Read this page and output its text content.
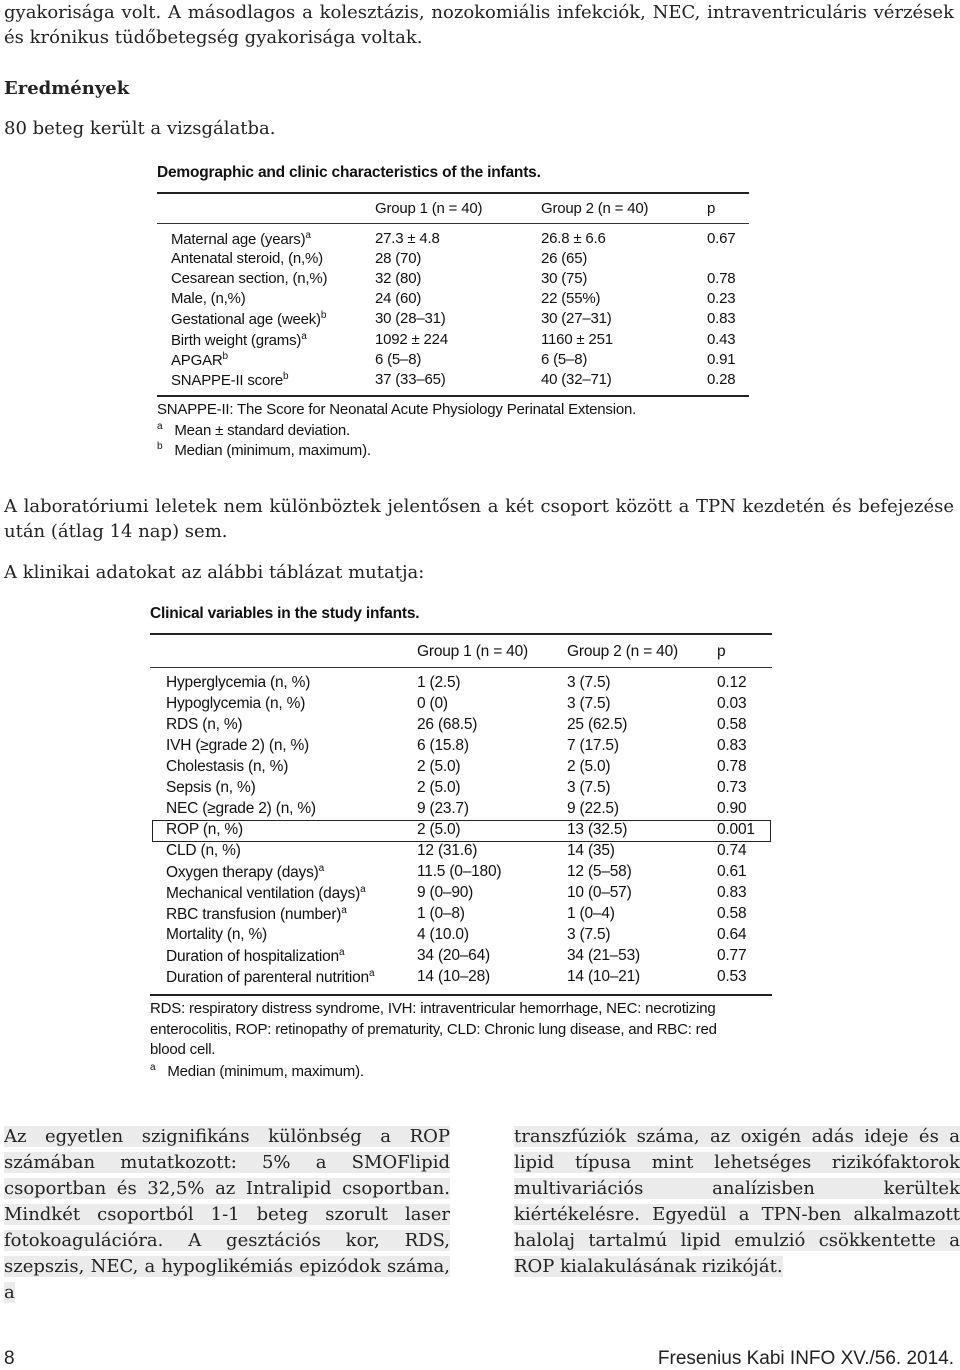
gyakorisága volt. A másodlagos a kolesztázis, nozokomiális infekciók, NEC, intraventriculáris vérzések és krónikus tüdőbetegség gyakorisága voltak.
Eredmények
80 beteg került a vizsgálatba.
Demographic and clinic characteristics of the infants.
Group 1 (n = 40)	Group 2 (n = 40)	p
Maternal age (years)$^a$	27.3 ± 4.8	26.8 ± 6.6	0.67
Antenatal steroid, (n,%)	28 (70)	26 (65)
Cesarean section, (n,%)	32 (80)	30 (75)	0.78
Male, (n,%)	24 (60)	22 (55%)	0.23
Gestational age (week)$^b$	30 (28–31)	30 (27–31)	0.83
Birth weight (grams)$^a$	1092 ± 224	1160 ± 251	0.43
APGAR$^b$	6 (5–8)	6 (5–8)	0.91
SNAPPE-II score$^b$	37 (33–65)	40 (32–71)	0.28
SNAPPE-II: The Score for Neonatal Acute Physiology Perinatal Extension.
$^a$ Mean ± standard deviation.
$^b$ Median (minimum, maximum).
A laboratóriumi leletek nem különböztek jelentősen a két csoport között a TPN kezdetén és befejezése után (átlag 14 nap) sem.
A klinikai adatokat az alábbi táblázat mutatja:
Clinical variables in the study infants.
Group 1 (n = 40)	Group 2 (n = 40)	p
Hyperglycemia (n, %)	1 (2.5)	3 (7.5)	0.12
Hypoglycemia (n, %)	0 (0)	3 (7.5)	0.03
RDS (n, %)	26 (68.5)	25 (62.5)	0.58
IVH (≥grade 2) (n, %)	6 (15.8)	7 (17.5)	0.83
Cholestasis (n, %)	2 (5.0)	2 (5.0)	0.78
Sepsis (n, %)	2 (5.0)	3 (7.5)	0.73
NEC (≥grade 2) (n, %)	9 (23.7)	9 (22.5)	0.90
ROP (n, %)	2 (5.0)	13 (32.5)	0.001
CLD (n, %)	12 (31.6)	14 (35)	0.74
Oxygen therapy (days)$^a$	11.5 (0–180)	12 (5–58)	0.61
Mechanical ventilation (days)$^a$	9 (0–90)	10 (0–57)	0.83
RBC transfusion (number)$^a$	1 (0–8)	1 (0–4)	0.58
Mortality (n, %)	4 (10.0)	3 (7.5)	0.64
Duration of hospitalization$^a$	34 (20–64)	34 (21–53)	0.77
Duration of parenteral nutrition$^a$	14 (10–28)	14 (10–21)	0.53
RDS: respiratory distress syndrome, IVH: intraventricular hemorrhage, NEC: necrotizing
enterocolitis, ROP: retinopathy of prematurity, CLD: Chronic lung disease, and RBC: red
blood cell.
$^a$ Median (minimum, maximum).

Az egyetlen szignifikáns különbség a ROP számában mutatkozott: 5% a SMOFlipid csoportban és 32,5% az Intralipid csoportban. Mindkét csoportból 1-1 beteg szorult laser fotokoagulációra. A gesztációs kor, RDS, szepszis, NEC, a hypoglikémiás epizódok száma, a

transzfúziók száma, az oxigén adás ideje és a lipid típusa mint lehetséges rizikófaktorok multivariációs analízisben kerültek kiértékelésre. Egyedül a TPN-ben alkalmazott halolaj tartalmú lipid emulzió csökkentette a ROP kialakulásának rizikóját.

8	Fresenius Kabi INFO XV./56. 2014.
